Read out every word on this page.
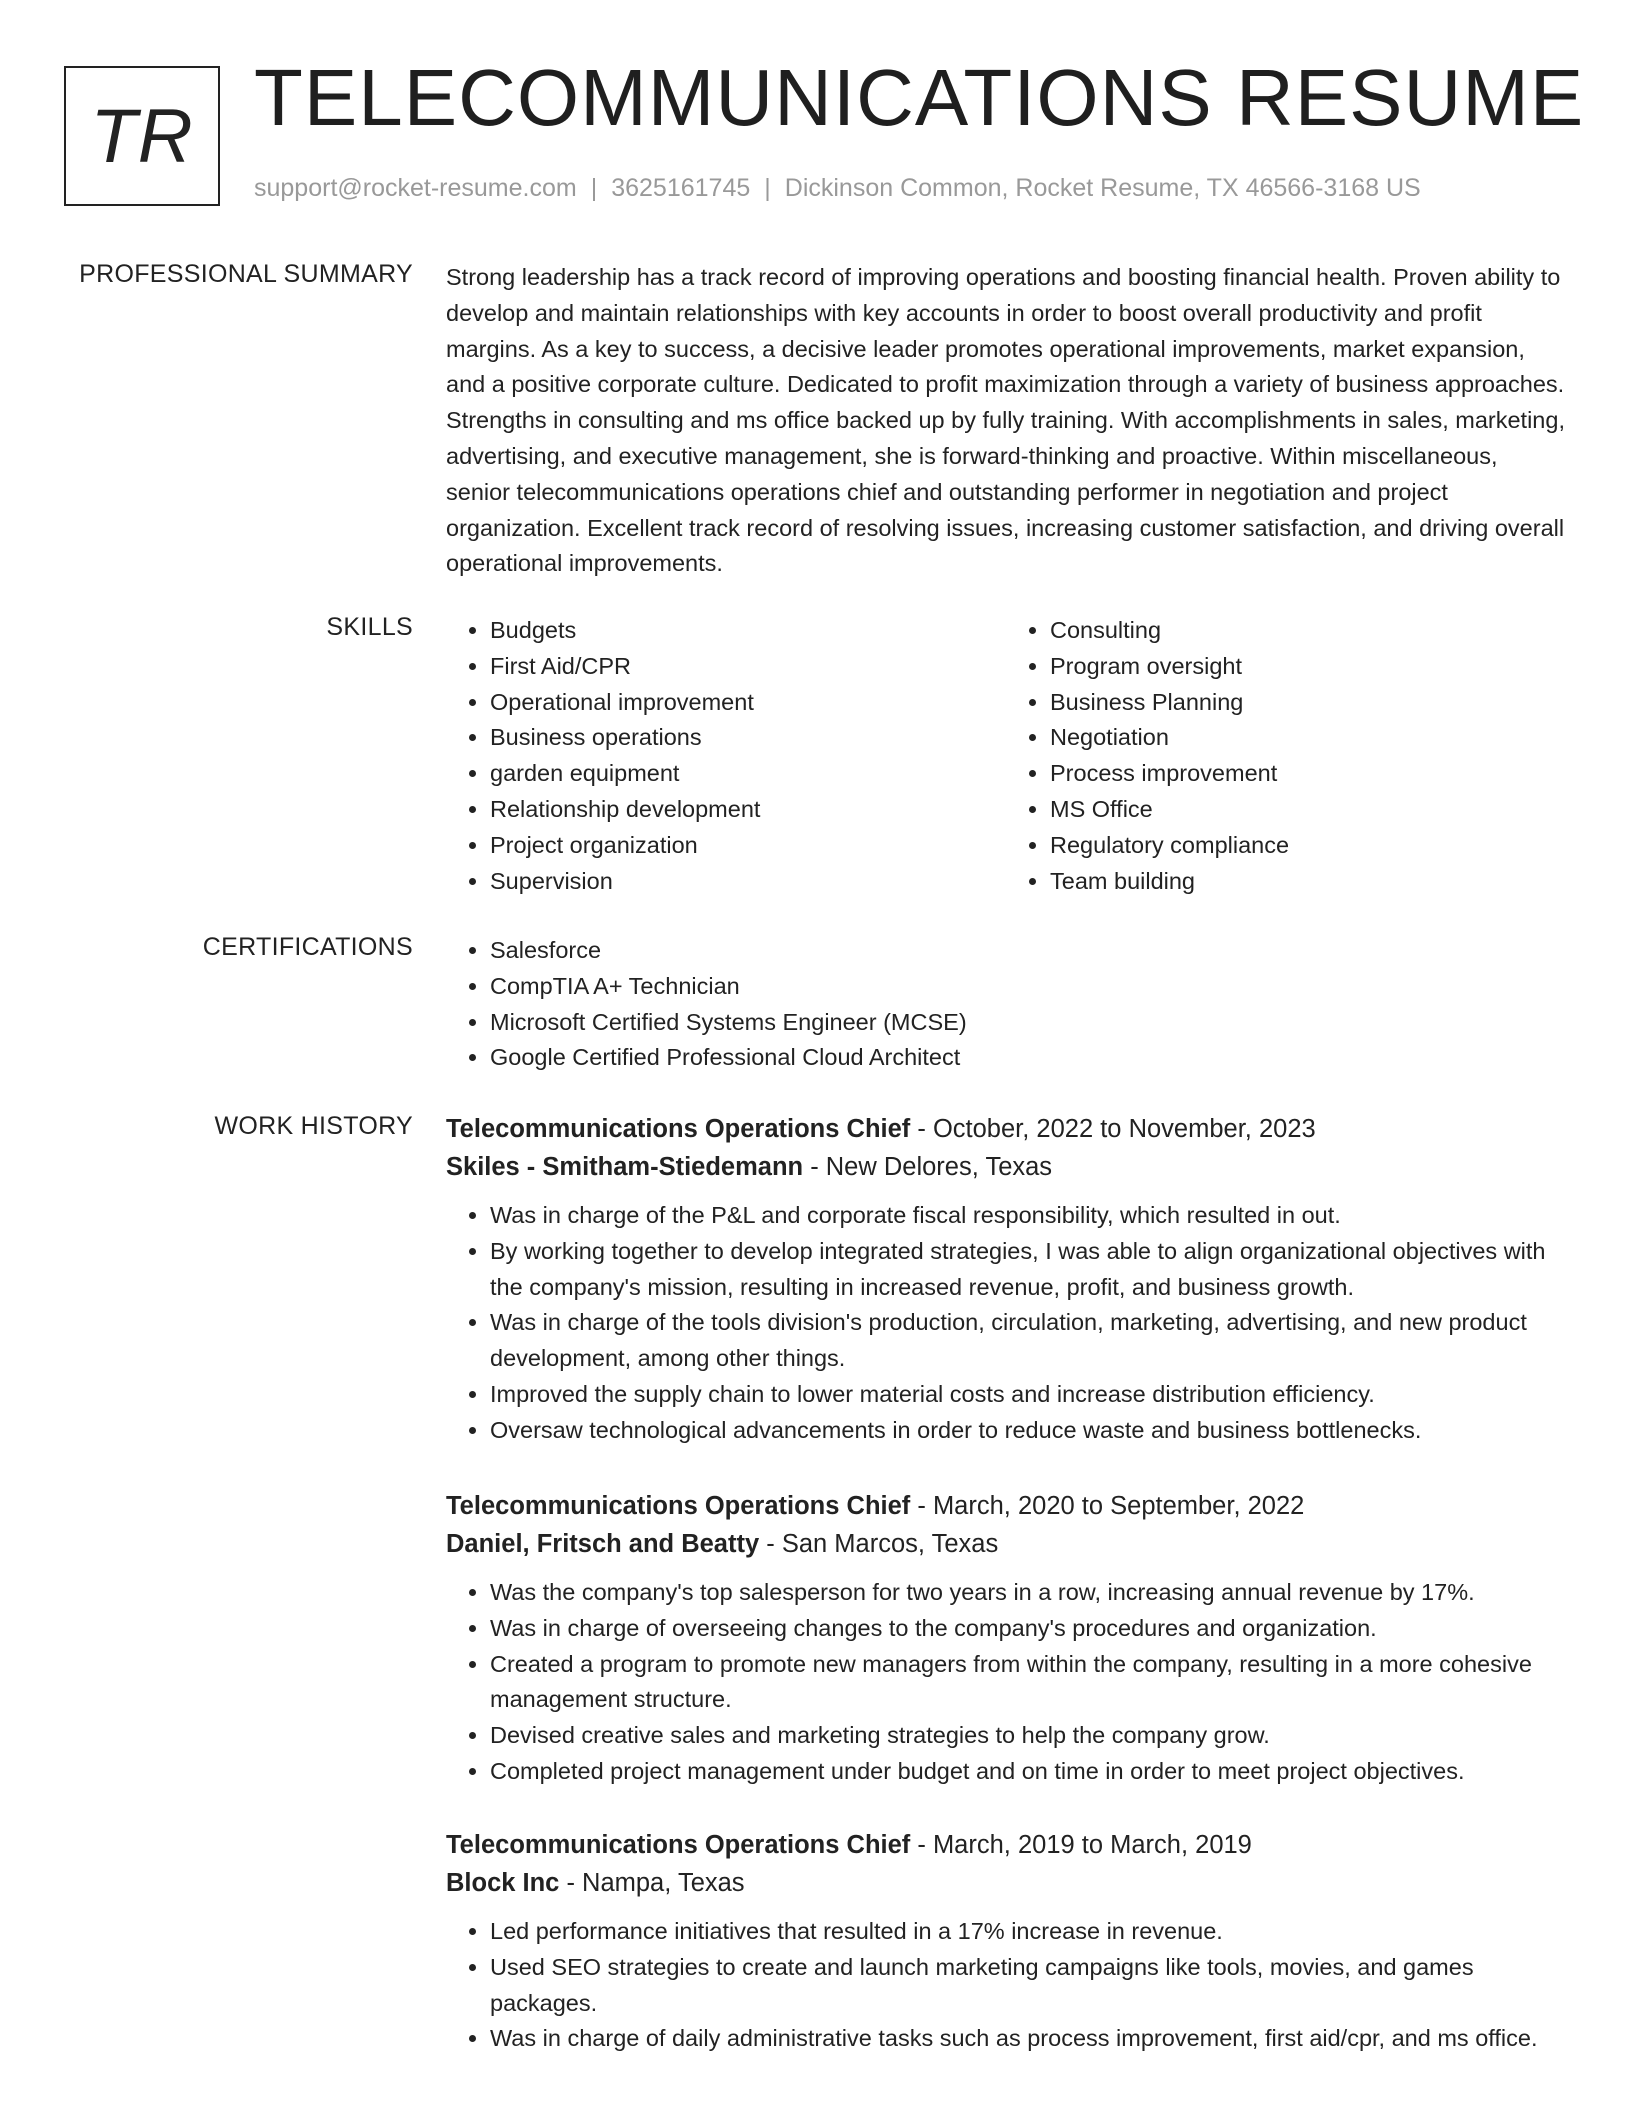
TR TELECOMMUNICATIONS RESUME
support@rocket-resume.com | 3625161745 | Dickinson Common, Rocket Resume, TX 46566-3168 US
PROFESSIONAL SUMMARY Strong leadership has a track record of improving operations and boosting financial health. Proven ability to develop and maintain relationships with key accounts in order to boost overall productivity and profit margins. As a key to success, a decisive leader promotes operational improvements, market expansion, and a positive corporate culture. Dedicated to profit maximization through a variety of business approaches. Strengths in consulting and ms office backed up by fully training. With accomplishments in sales, marketing, advertising, and executive management, she is forward-thinking and proactive. Within miscellaneous, senior telecommunications operations chief and outstanding performer in negotiation and project organization. Excellent track record of resolving issues, increasing customer satisfaction, and driving overall operational improvements.

SKILLS	• Budgets
• First Aid/CPR
• Operational improvement
• Business operations
• garden equipment
• Relationship development
• Project organization
• Supervision
• Consulting
• Program oversight
• Business Planning
• Negotiation
• Process improvement
• MS Office
• Regulatory compliance
• Team building
CERTIFICATIONS	• Salesforce
• CompTIA A+ Technician
• Microsoft Certified Systems Engineer (MCSE)
• Google Certified Professional Cloud Architect
WORK HISTORY Telecommunications Operations Chief - October, 2022 to November, 2023
Skiles - Smitham-Stiedemann - New Delores, Texas
• Was in charge of the P&L and corporate fiscal responsibility, which resulted in out.
• By working together to develop integrated strategies, I was able to align organizational objectives with the company's mission, resulting in increased revenue, profit, and business growth.
• Was in charge of the tools division's production, circulation, marketing, advertising, and new product development, among other things.
• Improved the supply chain to lower material costs and increase distribution efficiency.
• Oversaw technological advancements in order to reduce waste and business bottlenecks.
Telecommunications Operations Chief - March, 2020 to September, 2022
Daniel, Fritsch and Beatty - San Marcos, Texas
• Was the company's top salesperson for two years in a row, increasing annual revenue by 17%.
• Was in charge of overseeing changes to the company's procedures and organization.
• Created a program to promote new managers from within the company, resulting in a more cohesive management structure.
• Devised creative sales and marketing strategies to help the company grow.
• Completed project management under budget and on time in order to meet project objectives.
Telecommunications Operations Chief - March, 2019 to March, 2019
Block Inc - Nampa, Texas
• Led performance initiatives that resulted in a 17% increase in revenue.
• Used SEO strategies to create and launch marketing campaigns like tools, movies, and games packages.
• Was in charge of daily administrative tasks such as process improvement, first aid/cpr, and ms office.
